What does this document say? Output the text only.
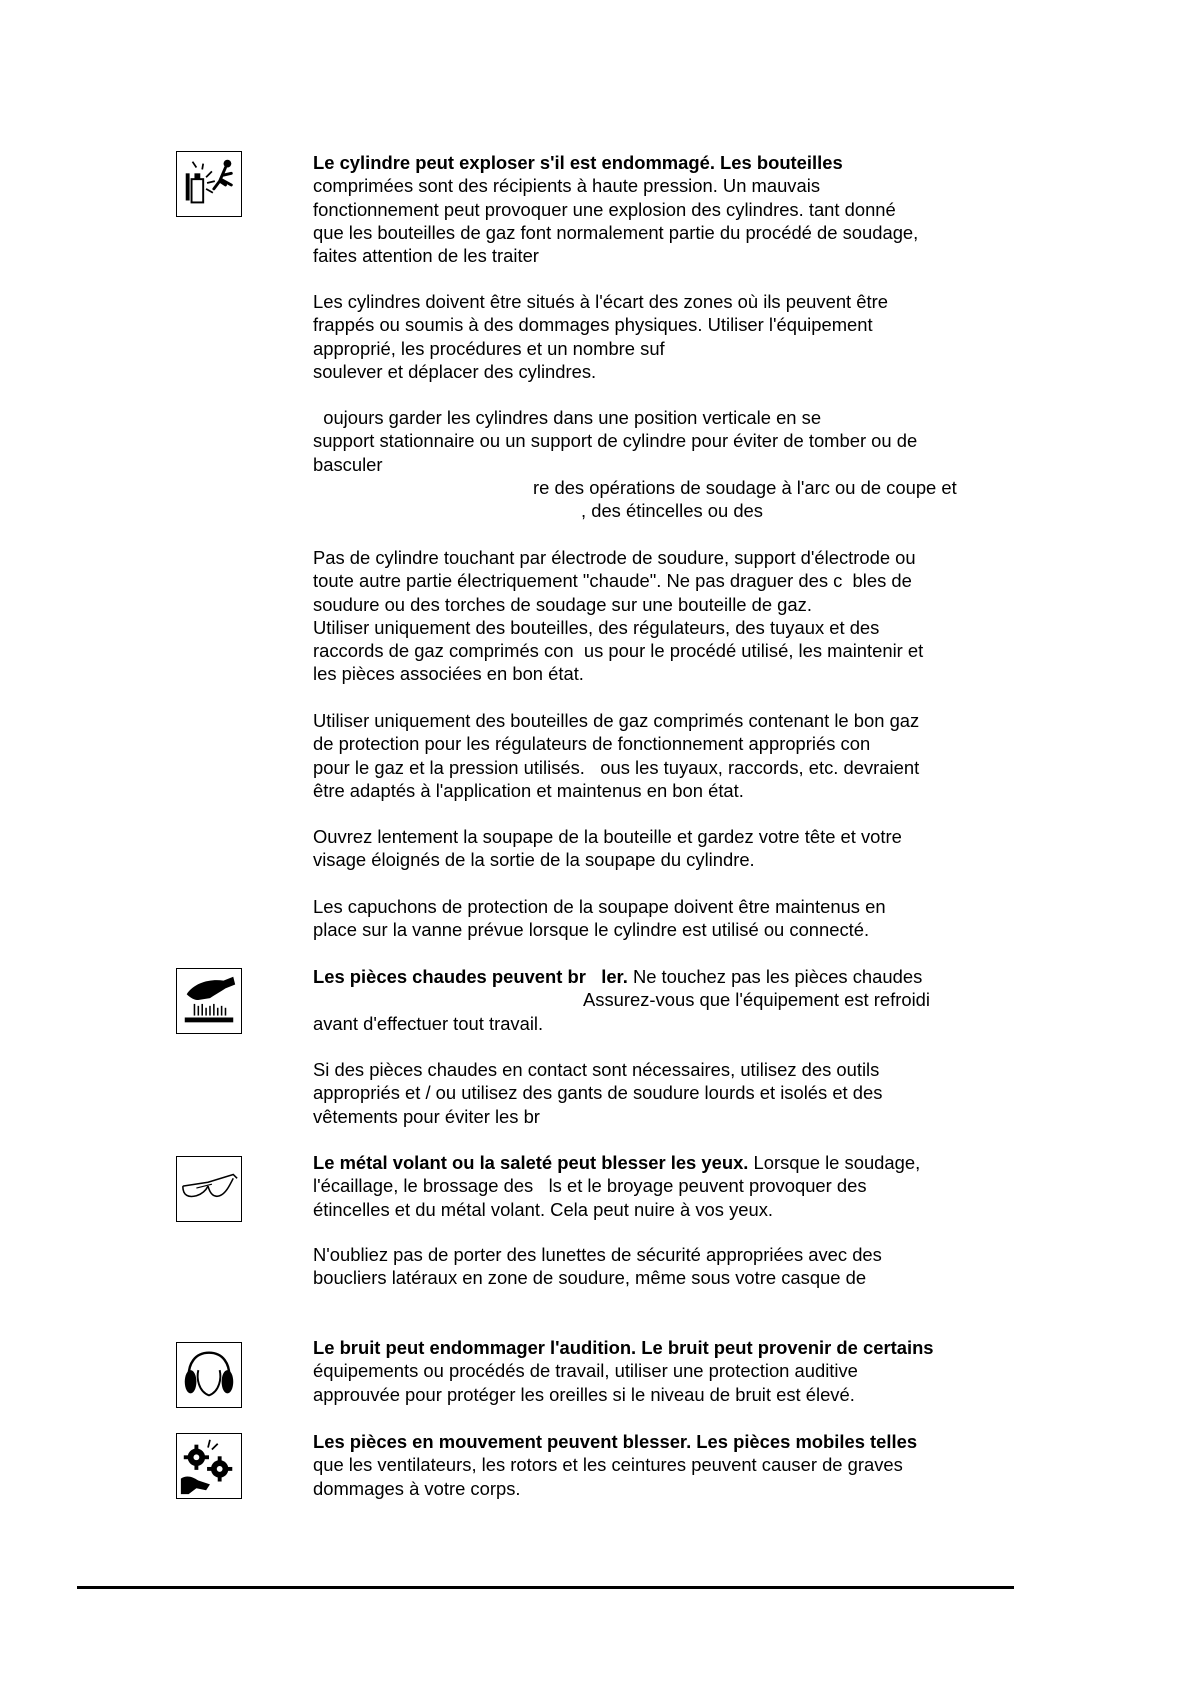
Le cylindre peut exploser s'il est endommagé. Les bouteilles
comprimées sont des récipients à haute pression. Un mauvais
fonctionnement peut provoquer une explosion des cylindres. tant donné
que les bouteilles de gaz font normalement partie du procédé de soudage,
faites attention de les traiter
Les cylindres doivent être situés à l'écart des zones où ils peuvent être
frappés ou soumis à des dommages physiques. Utiliser l'équipement
approprié, les procédures et un nombre suf
soulever et déplacer des cylindres.
oujours garder les cylindres dans une position verticale en se
support stationnaire ou un support de cylindre pour éviter de tomber ou de
basculer
re des opérations de soudage à l'arc ou de coupe et
, des étincelles ou des
Pas de cylindre touchant par électrode de soudure, support d'électrode ou
toute autre partie électriquement "chaude". Ne pas draguer des c  bles de
soudure ou des torches de soudage sur une bouteille de gaz.
Utiliser uniquement des bouteilles, des régulateurs, des tuyaux et des
raccords de gaz comprimés con  us pour le procédé utilisé, les maintenir et
les pièces associées en bon état.
Utiliser uniquement des bouteilles de gaz comprimés contenant le bon gaz
de protection pour les régulateurs de fonctionnement appropriés con
pour le gaz et la pression utilisés.   ous les tuyaux, raccords, etc. devraient
être adaptés à l'application et maintenus en bon état.
Ouvrez lentement la soupape de la bouteille et gardez votre tête et votre
visage éloignés de la sortie de la soupape du cylindre.
Les capuchons de protection de la soupape doivent être maintenus en
place sur la vanne prévue lorsque le cylindre est utilisé ou connecté.
Les pièces chaudes peuvent br   ler. Ne touchez pas les pièces chaudes
Assurez-vous que l'équipement est refroidi
avant d'effectuer tout travail.
Si des pièces chaudes en contact sont nécessaires, utilisez des outils
appropriés et / ou utilisez des gants de soudure lourds et isolés et des
vêtements pour éviter les br
Le métal volant ou la saleté peut blesser les yeux. Lorsque le soudage,
l'écaillage, le brossage des   ls et le broyage peuvent provoquer des
étincelles et du métal volant. Cela peut nuire à vos yeux.
N'oubliez pas de porter des lunettes de sécurité appropriées avec des
boucliers latéraux en zone de soudure, même sous votre casque de
Le bruit peut endommager l'audition. Le bruit peut provenir de certains
équipements ou procédés de travail, utiliser une protection auditive
approuvée pour protéger les oreilles si le niveau de bruit est élevé.
Les pièces en mouvement peuvent blesser. Les pièces mobiles telles
que les ventilateurs, les rotors et les ceintures peuvent causer de graves
dommages à votre corps.
